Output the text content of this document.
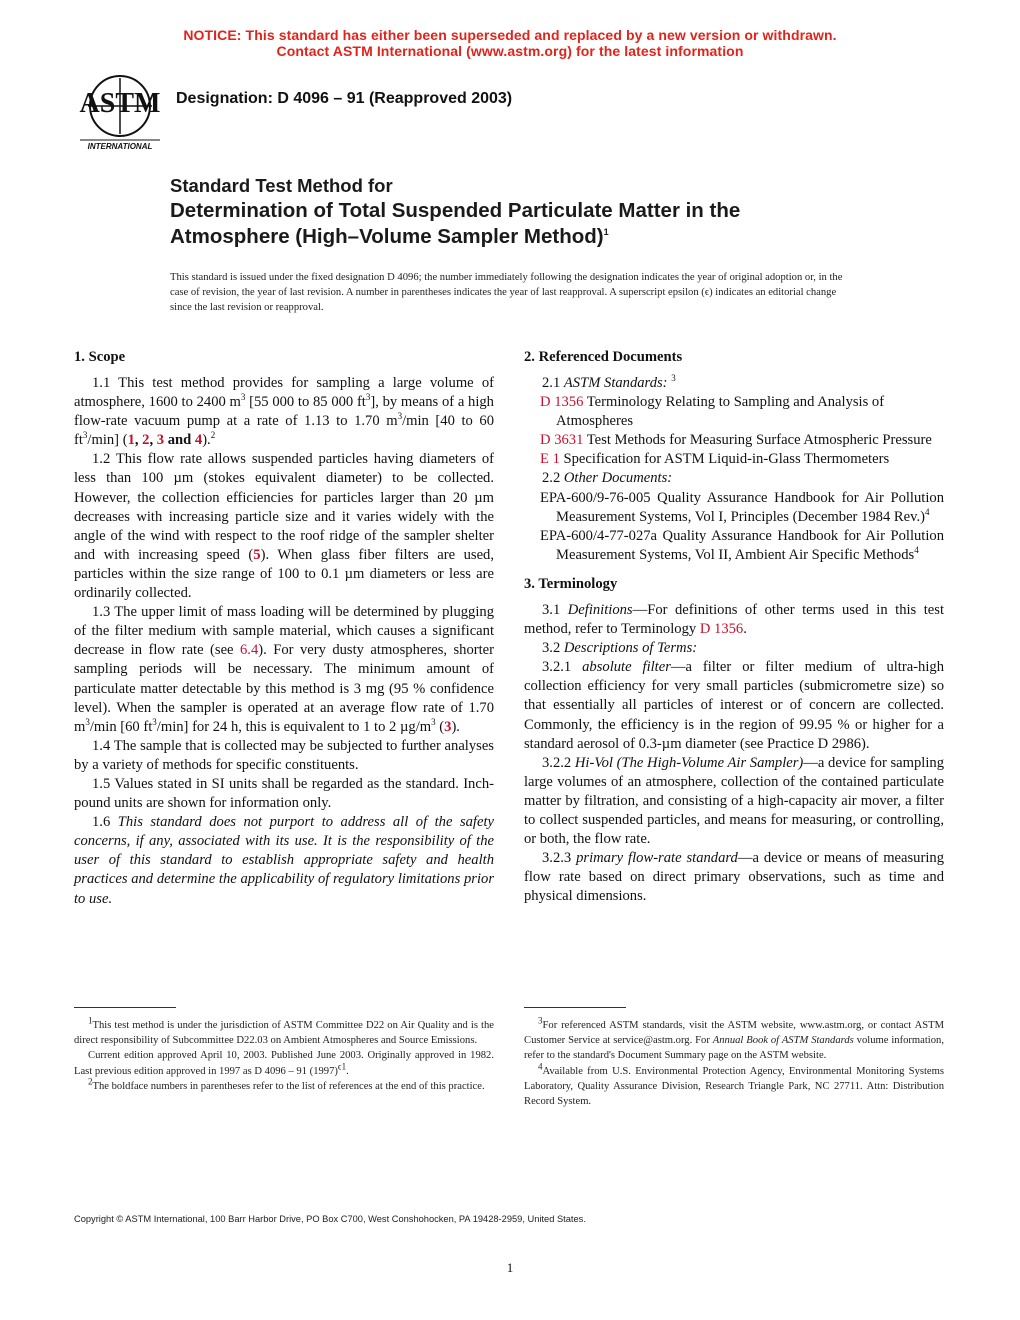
NOTICE: This standard has either been superseded and replaced by a new version or withdrawn.
Contact ASTM International (www.astm.org) for the latest information
ASTM
INTERNATIONAL
Designation: D 4096 – 91 (Reapproved 2003)
Standard Test Method for
Determination of Total Suspended Particulate Matter in the
Atmosphere (High–Volume Sampler Method)$^1$
This standard is issued under the fixed designation D 4096; the number immediately following the designation indicates the year of original adoption or, in the case of revision, the year of last revision. A number in parentheses indicates the year of last reapproval. A superscript epsilon (ϵ) indicates an editorial change since the last revision or reapproval.
1. Scope

1.1 This test method provides for sampling a large volume of atmosphere, 1600 to 2400 $m^3$ [55 000 to 85 000 $ft^3$], by means of a high flow-rate vacuum pump at a rate of 1.13 to 1.70 $m^3/\min$ [40 to 60 $ft^3/\min$] (1, 2, 3 and 4).$^2$

1.2 This flow rate allows suspended particles having diameters of less than 100 µm (stokes equivalent diameter) to be collected. However, the collection efficiencies for particles larger than 20 µm decreases with increasing particle size and it varies widely with the angle of the wind with respect to the roof ridge of the sampler shelter and with increasing speed (5). When glass fiber filters are used, particles within the size range of 100 to 0.1 µm diameters or less are ordinarily collected.

1.3 The upper limit of mass loading will be determined by plugging of the filter medium with sample material, which causes a significant decrease in flow rate (see 6.4). For very dusty atmospheres, shorter sampling periods will be necessary. The minimum amount of particulate matter detectable by this method is 3 mg (95 % confidence level). When the sampler is operated at an average flow rate of 1.70 $m^3/\min$ [60 $ft^3/\min$] for 24 h, this is equivalent to 1 to 2 $\mu g/m^3$ (3).

1.4 The sample that is collected may be subjected to further analyses by a variety of methods for specific constituents.

1.5 Values stated in SI units shall be regarded as the standard. Inch-pound units are shown for information only.

1.6 This standard does not purport to address all of the safety concerns, if any, associated with its use. It is the responsibility of the user of this standard to establish appropriate safety and health practices and determine the applicability of regulatory limitations prior to use.

2. Referenced Documents

2.1 ASTM Standards: $^3$

D 1356 Terminology Relating to Sampling and Analysis of Atmospheres

D 3631 Test Methods for Measuring Surface Atmospheric Pressure

E 1 Specification for ASTM Liquid-in-Glass Thermometers

2.2 Other Documents:

EPA-600/9-76-005 Quality Assurance Handbook for Air Pollution Measurement Systems, Vol I, Principles (December 1984 Rev.)$^4$

EPA-600/4-77-027a Quality Assurance Handbook for Air Pollution Measurement Systems, Vol II, Ambient Air Specific Methods$^4$

3. Terminology

3.1 Definitions—For definitions of other terms used in this test method, refer to Terminology D 1356.

3.2 Descriptions of Terms:

3.2.1 absolute filter—a filter or filter medium of ultra-high collection efficiency for very small particles (submicrometre size) so that essentially all particles of interest or of concern are collected. Commonly, the efficiency is in the region of 99.95 % or higher for a standard aerosol of 0.3-µm diameter (see Practice D 2986).

3.2.2 Hi-Vol (The High-Volume Air Sampler)—a device for sampling large volumes of an atmosphere, collection of the contained particulate matter by filtration, and consisting of a high-capacity air mover, a filter to collect suspended particles, and means for measuring, or controlling, or both, the flow rate.

3.2.3 primary flow-rate standard—a device or means of measuring flow rate based on direct primary observations, such as time and physical dimensions.

$^1$This test method is under the jurisdiction of ASTM Committee D22 on Air Quality and is the direct responsibility of Subcommittee D22.03 on Ambient Atmospheres and Source Emissions.

Current edition approved April 10, 2003. Published June 2003. Originally approved in 1982. Last previous edition approved in 1997 as D 4096 – 91 $(1997)^{\epsilon 1}$.

$^2$The boldface numbers in parentheses refer to the list of references at the end of this practice.

$^3$For referenced ASTM standards, visit the ASTM website, www.astm.org, or contact ASTM Customer Service at service@astm.org. For Annual Book of ASTM Standards volume information, refer to the standard's Document Summary page on the ASTM website.

$^4$Available from U.S. Environmental Protection Agency, Environmental Monitoring Systems Laboratory, Quality Assurance Division, Research Triangle Park, NC 27711. Attn: Distribution Record System.

Copyright © ASTM International, 100 Barr Harbor Drive, PO Box C700, West Conshohocken, PA 19428-2959, United States.
1
